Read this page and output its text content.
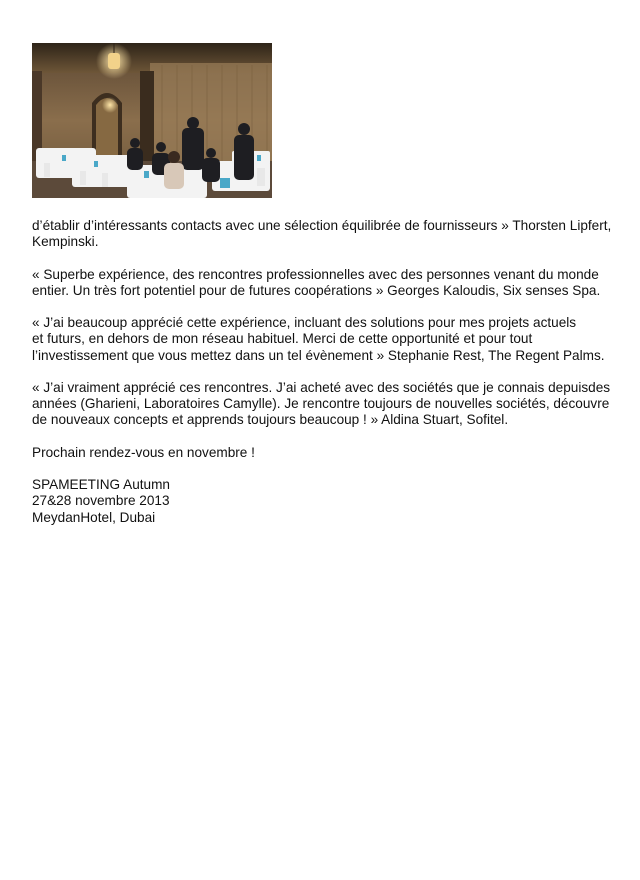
d’établir d’intéressants contacts avec une sélection équilibrée de fournisseurs » Thorsten Lipfert,
Kempinski.

« Superbe expérience, des rencontres professionnelles avec des personnes venant du monde
entier. Un très fort potentiel pour de futures coopérations » Georges Kaloudis, Six senses Spa.

« J’ai beaucoup apprécié cette expérience, incluant des solutions pour mes projets actuels
et futurs, en dehors de mon réseau habituel. Merci de cette opportunité et pour tout
l’investissement que vous mettez dans un tel évènement » Stephanie Rest, The Regent Palms.

« J’ai vraiment apprécié ces rencontres. J’ai acheté avec des sociétés que je connais depuisdes
années (Gharieni, Laboratoires Camylle). Je rencontre toujours de nouvelles sociétés, découvre
de nouveaux concepts et apprends toujours beaucoup ! » Aldina Stuart, Sofitel.

Prochain rendez-vous en novembre !

SPAMEETING Autumn
27&28 novembre 2013
MeydanHotel, Dubai
